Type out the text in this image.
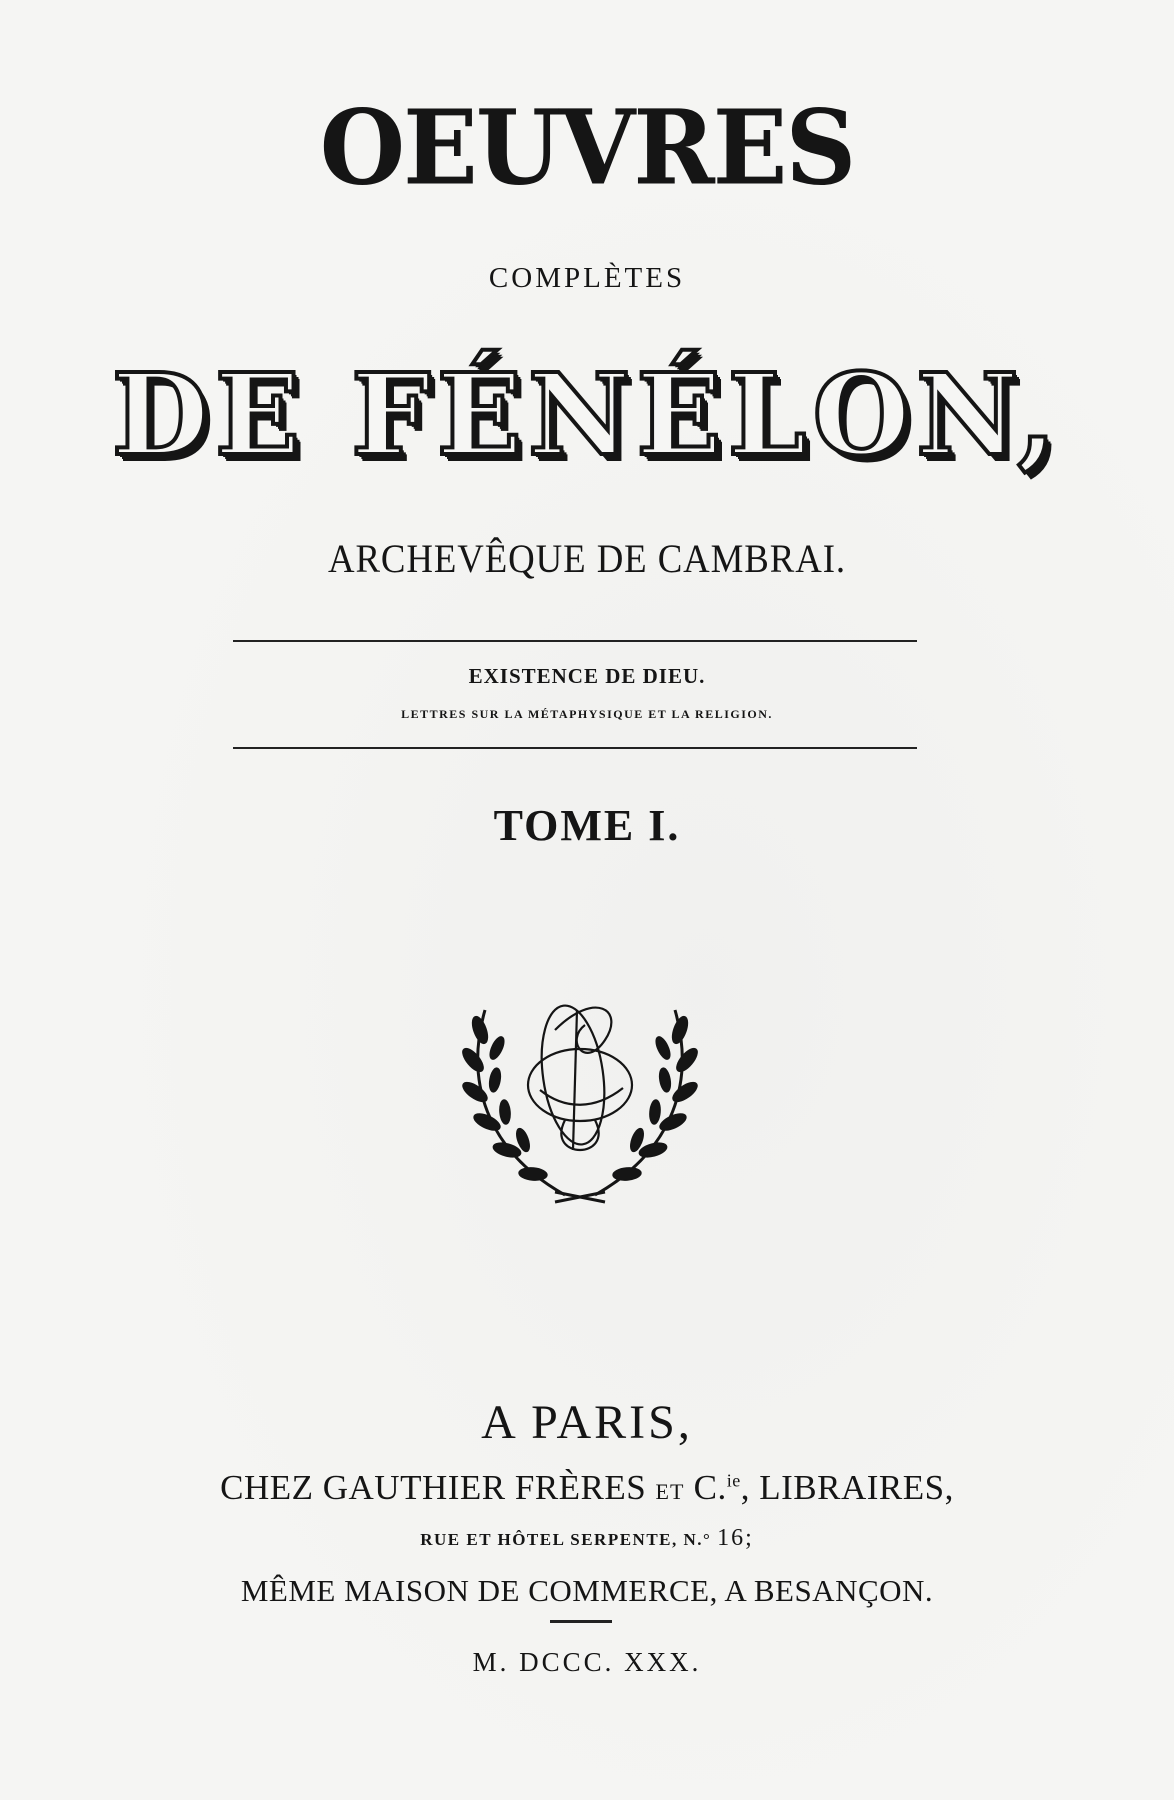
OEUVRES
COMPLÈTES
DE FÉNÉLON,
ARCHEVÊQUE DE CAMBRAI.
EXISTENCE DE DIEU.
LETTRES SUR LA MÉTAPHYSIQUE ET LA RELIGION.
TOME I.
A PARIS,
CHEZ GAUTHIER FRÈRES ET C.$^{ie}$, LIBRAIRES,
RUE ET HÔTEL SERPENTE, N.° 16;
MÊME MAISON DE COMMERCE, A BESANÇON.
M. DCCC. XXX.
